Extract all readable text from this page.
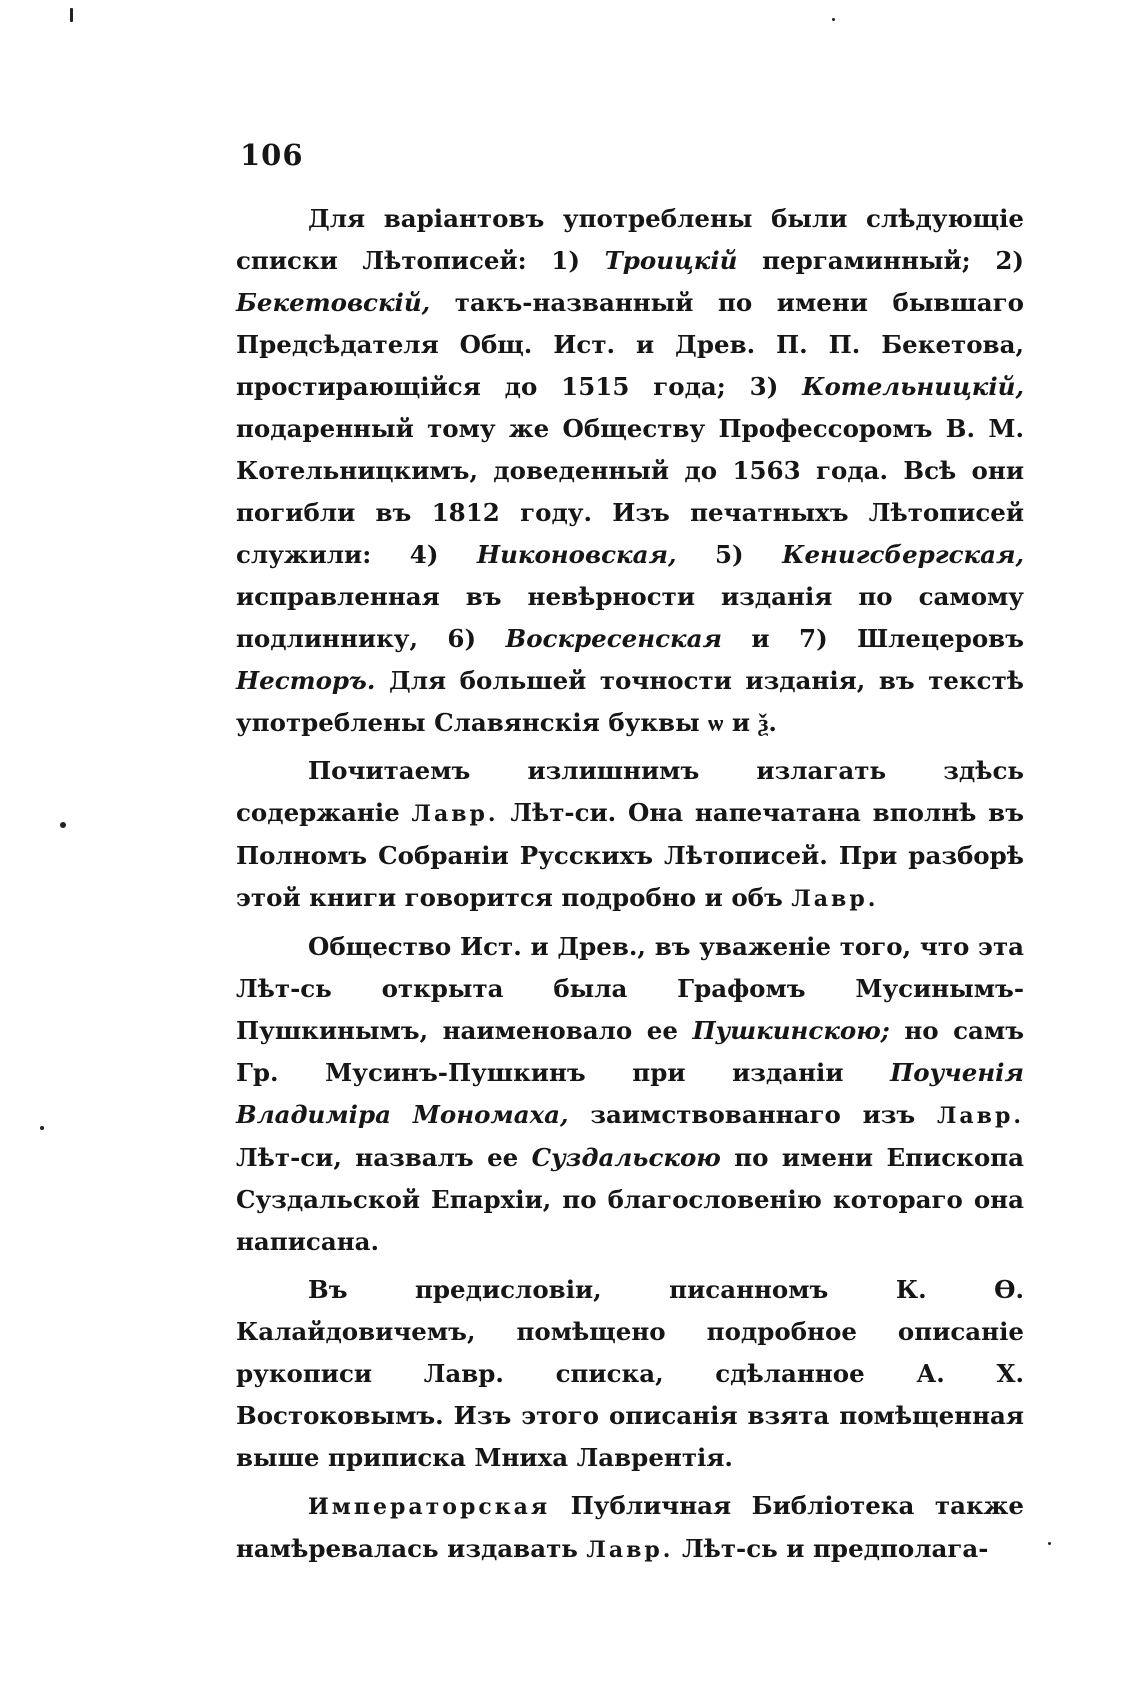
106

Для варіантовъ употреблены были слѣдующіе списки Лѣтописей: 1) Троицкій пергаминный; 2) Бекетовскій, такъ-названный по имени бывшаго Предсѣдателя Общ. Ист. и Древ. П. П. Бекетова, простирающійся до 1515 года; 3) Котельницкій, подаренный тому же Обществу Профессоромъ В. М. Котельницкимъ, доведенный до 1563 года. Всѣ они погибли въ 1812 году. Изъ печатныхъ Лѣтописей служили: 4) Никоновская, 5) Кенигсбергская, исправленная въ невѣрности изданія по самому подлиннику, 6) Воскресенская и 7) Шлецеровъ Несторъ. Для большей точности изданія, въ текстѣ употреблены Славянскія буквы ѡ и ѯ.

Почитаемъ излишнимъ излагать здѣсь содержаніе Лавр. Лѣт-си. Она напечатана вполнѣ въ Полномъ Собраніи Русскихъ Лѣтописей. При разборѣ этой книги говорится подробно и объ Лавр.

Общество Ист. и Древ., въ уваженіе того, что эта Лѣт-сь открыта была Графомъ Мусинымъ-Пушкинымъ, наименовало ее Пушкинскою; но самъ Гр. Мусинъ-Пушкинъ при изданіи Поученія Владиміра Мономаха, заимствованнаго изъ Лавр. Лѣт-си, назвалъ ее Суздальскою по имени Епископа Суздальской Епархіи, по благословенію котораго она написана.

Въ предисловіи, писанномъ К. Ѳ. Калайдовичемъ, помѣщено подробное описаніе рукописи Лавр. списка, сдѣланное А. Х. Востоковымъ. Изъ этого описанія взята помѣщенная выше приписка Мниха Лаврентія.

Императорская Публичная Библіотека также намѣревалась издавать Лавр. Лѣт-сь и предполага-
